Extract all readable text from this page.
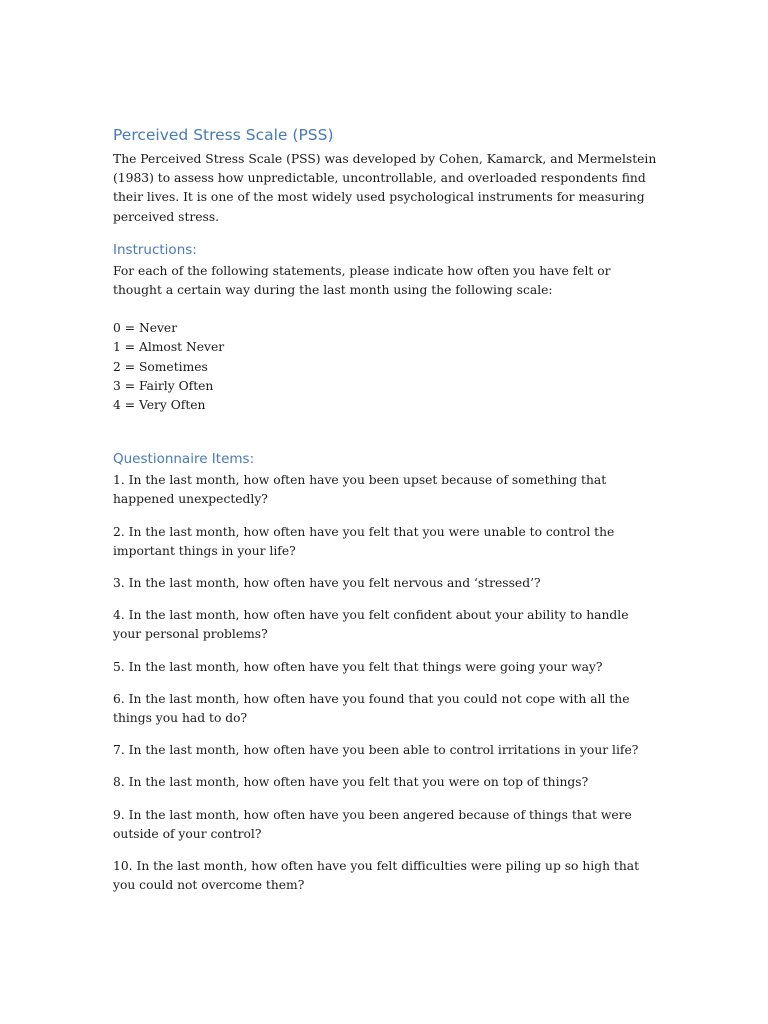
Perceived Stress Scale (PSS)

The Perceived Stress Scale (PSS) was developed by Cohen, Kamarck, and Mermelstein (1983) to assess how unpredictable, uncontrollable, and overloaded respondents find their lives. It is one of the most widely used psychological instruments for measuring perceived stress.

Instructions:

For each of the following statements, please indicate how often you have felt or thought a certain way during the last month using the following scale:

0 = Never
1 = Almost Never
2 = Sometimes
3 = Fairly Often
4 = Very Often
Questionnaire Items:
1. In the last month, how often have you been upset because of something that happened unexpectedly?
2. In the last month, how often have you felt that you were unable to control the important things in your life?
3. In the last month, how often have you felt nervous and ‘stressed’?
4. In the last month, how often have you felt confident about your ability to handle your personal problems?
5. In the last month, how often have you felt that things were going your way?
6. In the last month, how often have you found that you could not cope with all the things you had to do?
7. In the last month, how often have you been able to control irritations in your life?
8. In the last month, how often have you felt that you were on top of things?
9. In the last month, how often have you been angered because of things that were outside of your control?
10. In the last month, how often have you felt difficulties were piling up so high that you could not overcome them?
